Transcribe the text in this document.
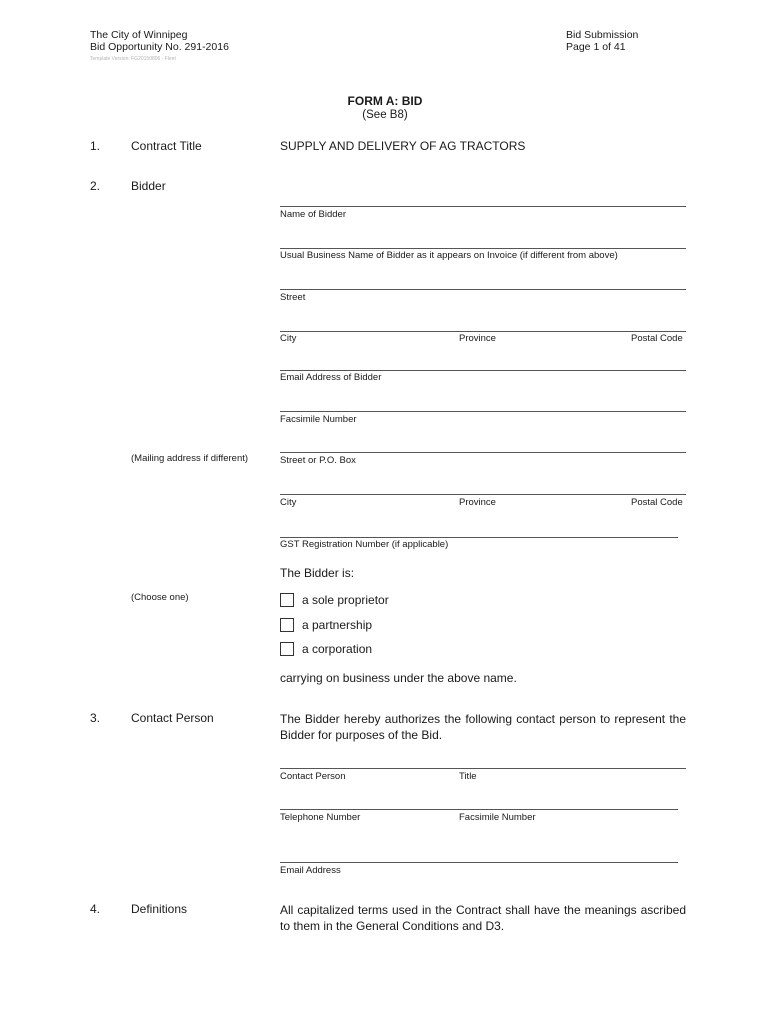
The City of Winnipeg
Bid Opportunity No. 291-2016
Template Version: FG20150806 - Fleet
Bid Submission
Page 1 of 41
FORM A: BID
(See B8)
1.	Contract Title	SUPPLY AND DELIVERY OF AG TRACTORS
2.	Bidder
Name of Bidder
Usual Business Name of Bidder as it appears on Invoice (if different from above)
Street
City	Province	Postal Code
Email Address of Bidder
Facsimile Number
(Mailing address if different)	Street or P.O. Box
City	Province	Postal Code
GST Registration Number (if applicable)
The Bidder is:
(Choose one)	a sole proprietor
a partnership
a corporation
carrying on business under the above name.
3.	Contact Person	The Bidder hereby authorizes the following contact person to represent the Bidder for purposes of the Bid.
Contact Person	Title
Telephone Number	Facsimile Number
Email Address
4.	Definitions	All capitalized terms used in the Contract shall have the meanings ascribed to them in the General Conditions and D3.
